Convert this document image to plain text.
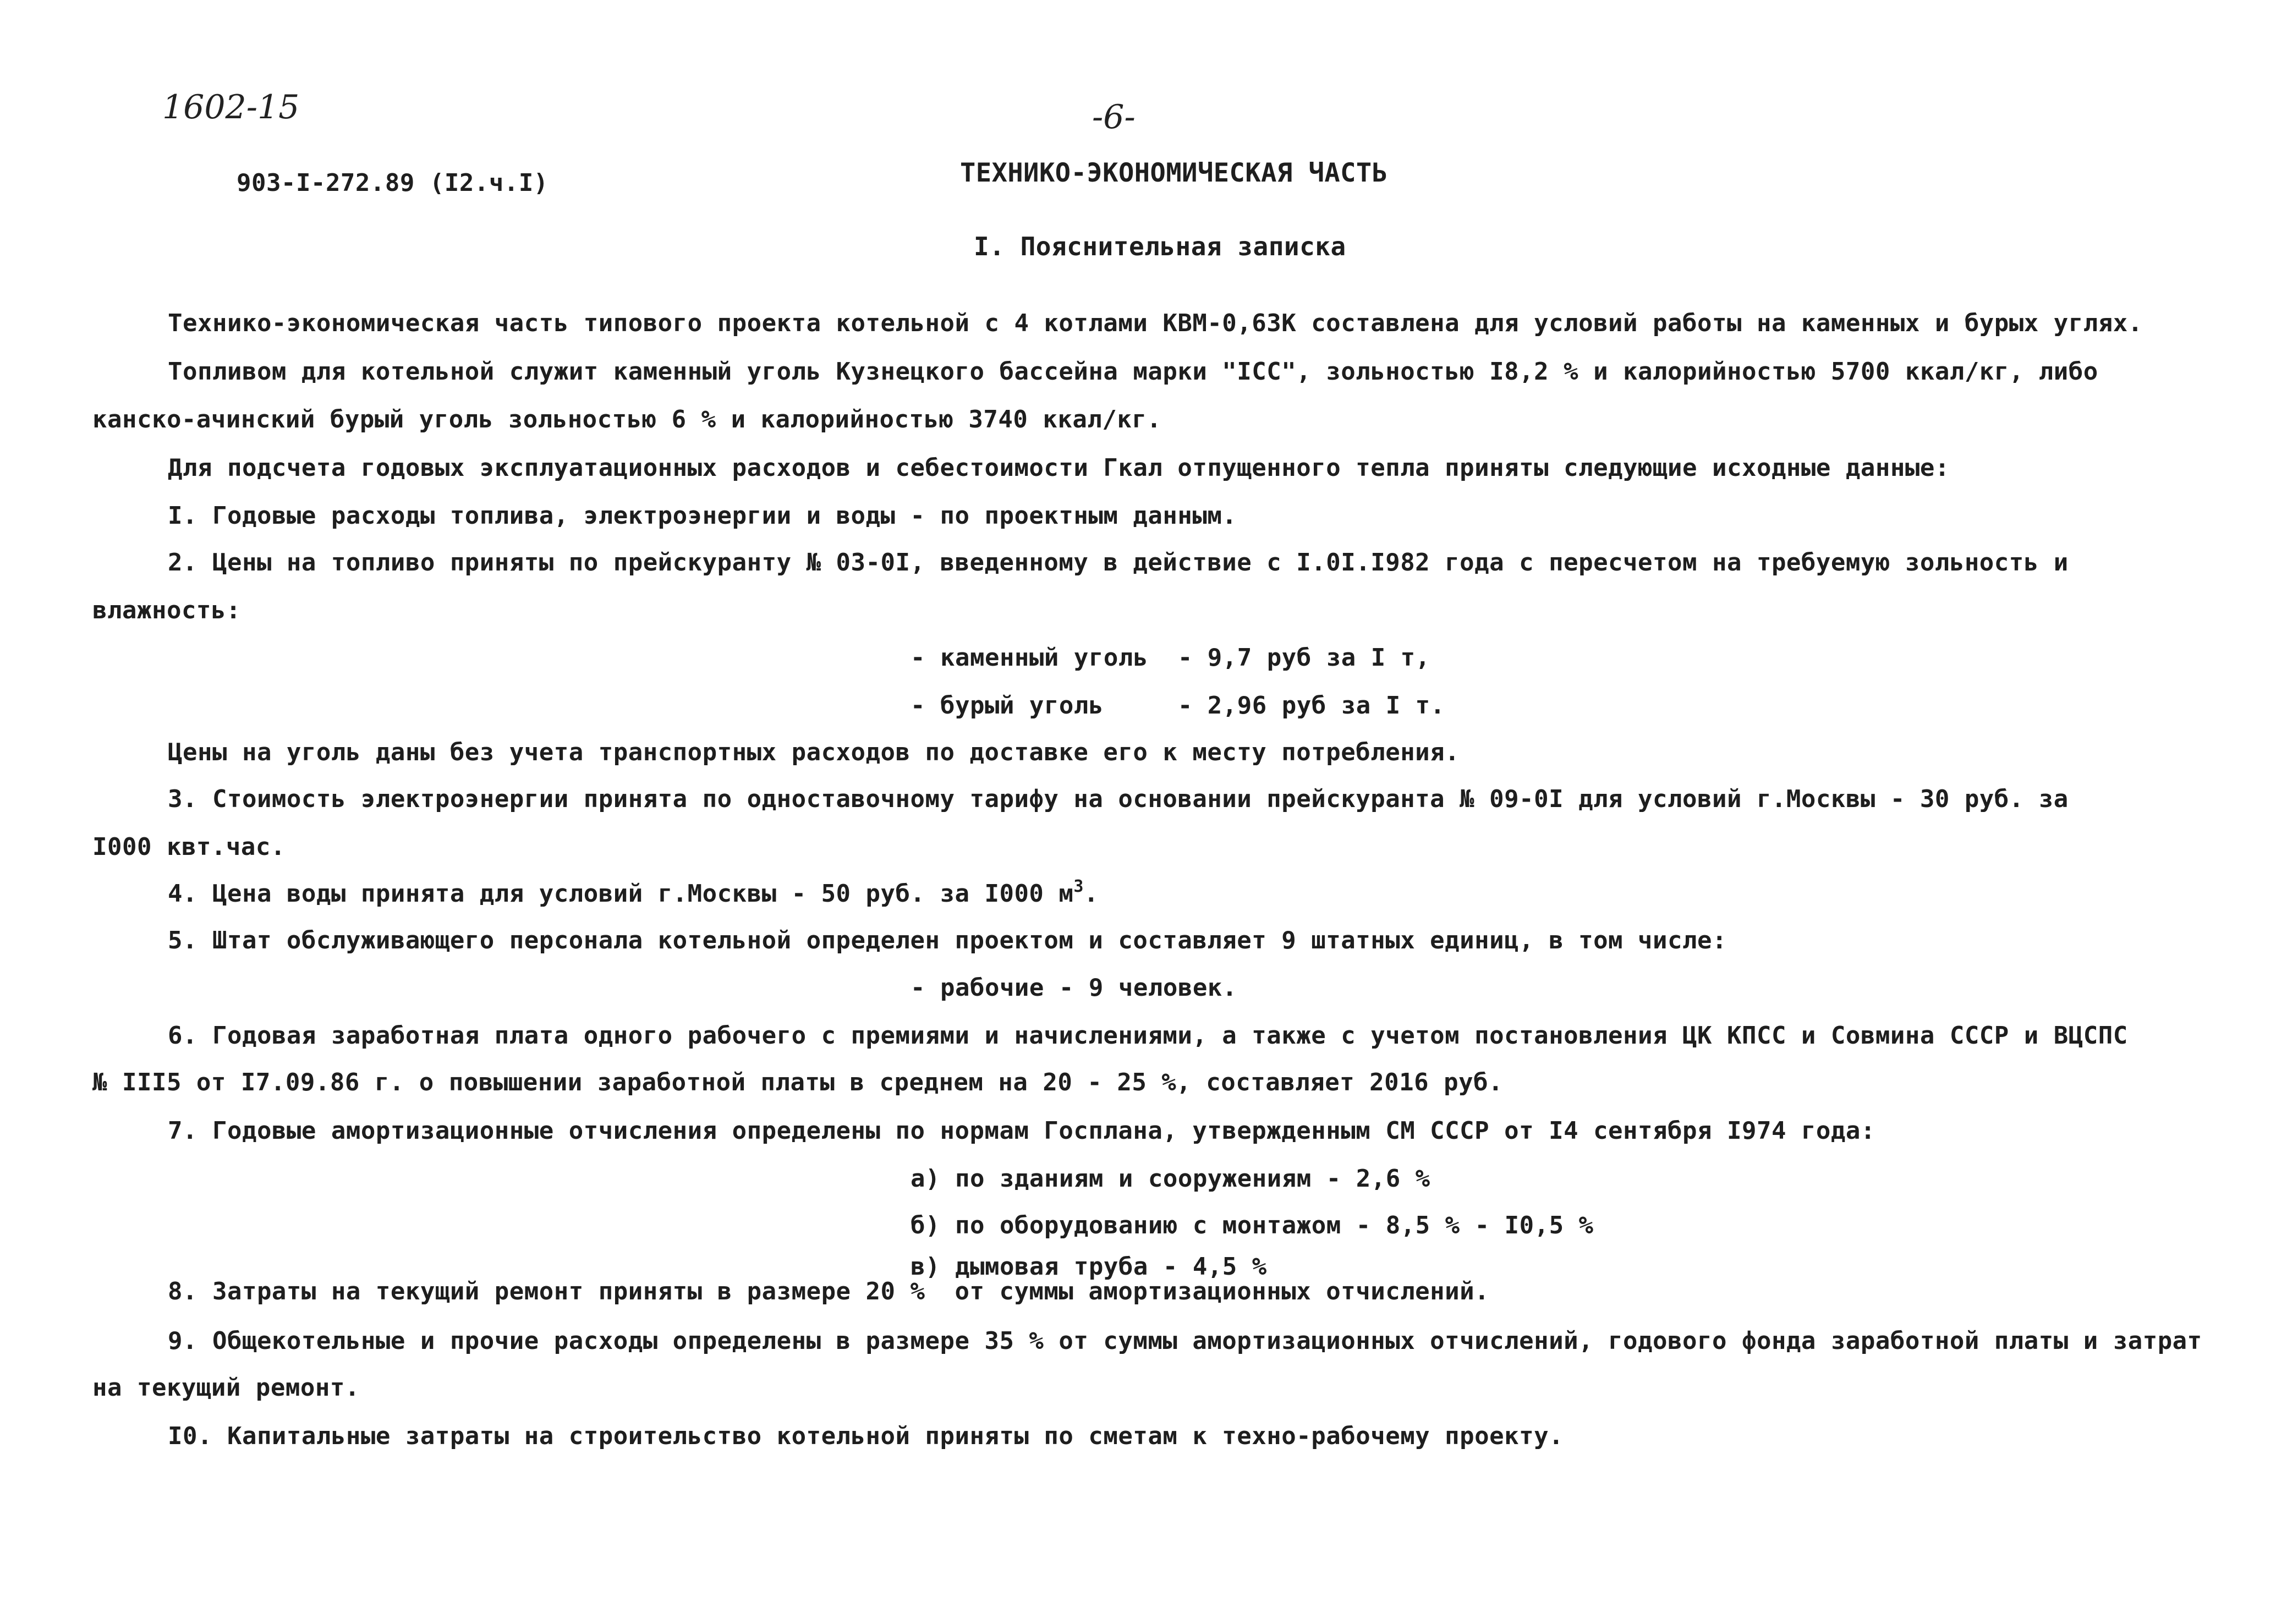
1602-15	-6-
903-I-272.89 (I2.ч.I)	ТЕХНИКО-ЭКОНОМИЧЕСКАЯ ЧАСТЬ
I. Пояснительная записка
Технико-экономическая часть типового проекта котельной с 4 котлами КВМ-0,63К составлена для условий работы на каменных и бурых углях.
Топливом для котельной служит каменный уголь Кузнецкого бассейна марки "IСС", зольностью I8,2 % и калорийностью 5700 ккал/кг, либо
канско-ачинский бурый уголь зольностью 6 % и калорийностью 3740 ккал/кг.
Для подсчета годовых эксплуатационных расходов и себестоимости Гкал отпущенного тепла приняты следующие исходные данные:
I. Годовые расходы топлива, электроэнергии и воды - по проектным данным.
2. Цены на топливо приняты по прейскуранту № 03-0I, введенному в действие с I.0I.I982 года с пересчетом на требуемую зольность и
влажность:
- каменный уголь  - 9,7 руб за I т,
- бурый уголь     - 2,96 руб за I т.
Цены на уголь даны без учета транспортных расходов по доставке его к месту потребления.
3. Стоимость электроэнергии принята по одноставочному тарифу на основании прейскуранта № 09-0I для условий г.Москвы - 30 руб. за
I000 квт.час.
4. Цена воды принята для условий г.Москвы - 50 руб. за I000 $м^3$.
5. Штат обслуживающего персонала котельной определен проектом и составляет 9 штатных единиц, в том числе:
- рабочие - 9 человек.
6. Годовая заработная плата одного рабочего с премиями и начислениями, а также с учетом постановления ЦК КПСС и Совмина СССР и ВЦСПС
№ III5 от I7.09.86 г. о повышении заработной платы в среднем на 20 - 25 %, составляет 2016 руб.
7. Годовые амортизационные отчисления определены по нормам Госплана, утвержденным СМ СССР от I4 сентября I974 года:
а) по зданиям и сооружениям - 2,6 %
б) по оборудованию с монтажом - 8,5 % - I0,5 %
в) дымовая труба - 4,5 %
8. Затраты на текущий ремонт приняты в размере 20 %  от суммы амортизационных отчислений.
9. Общекотельные и прочие расходы определены в размере 35 % от суммы амортизационных отчислений, годового фонда заработной платы и затрат
на текущий ремонт.
I0. Капитальные затраты на строительство котельной приняты по сметам к техно-рабочему проекту.
